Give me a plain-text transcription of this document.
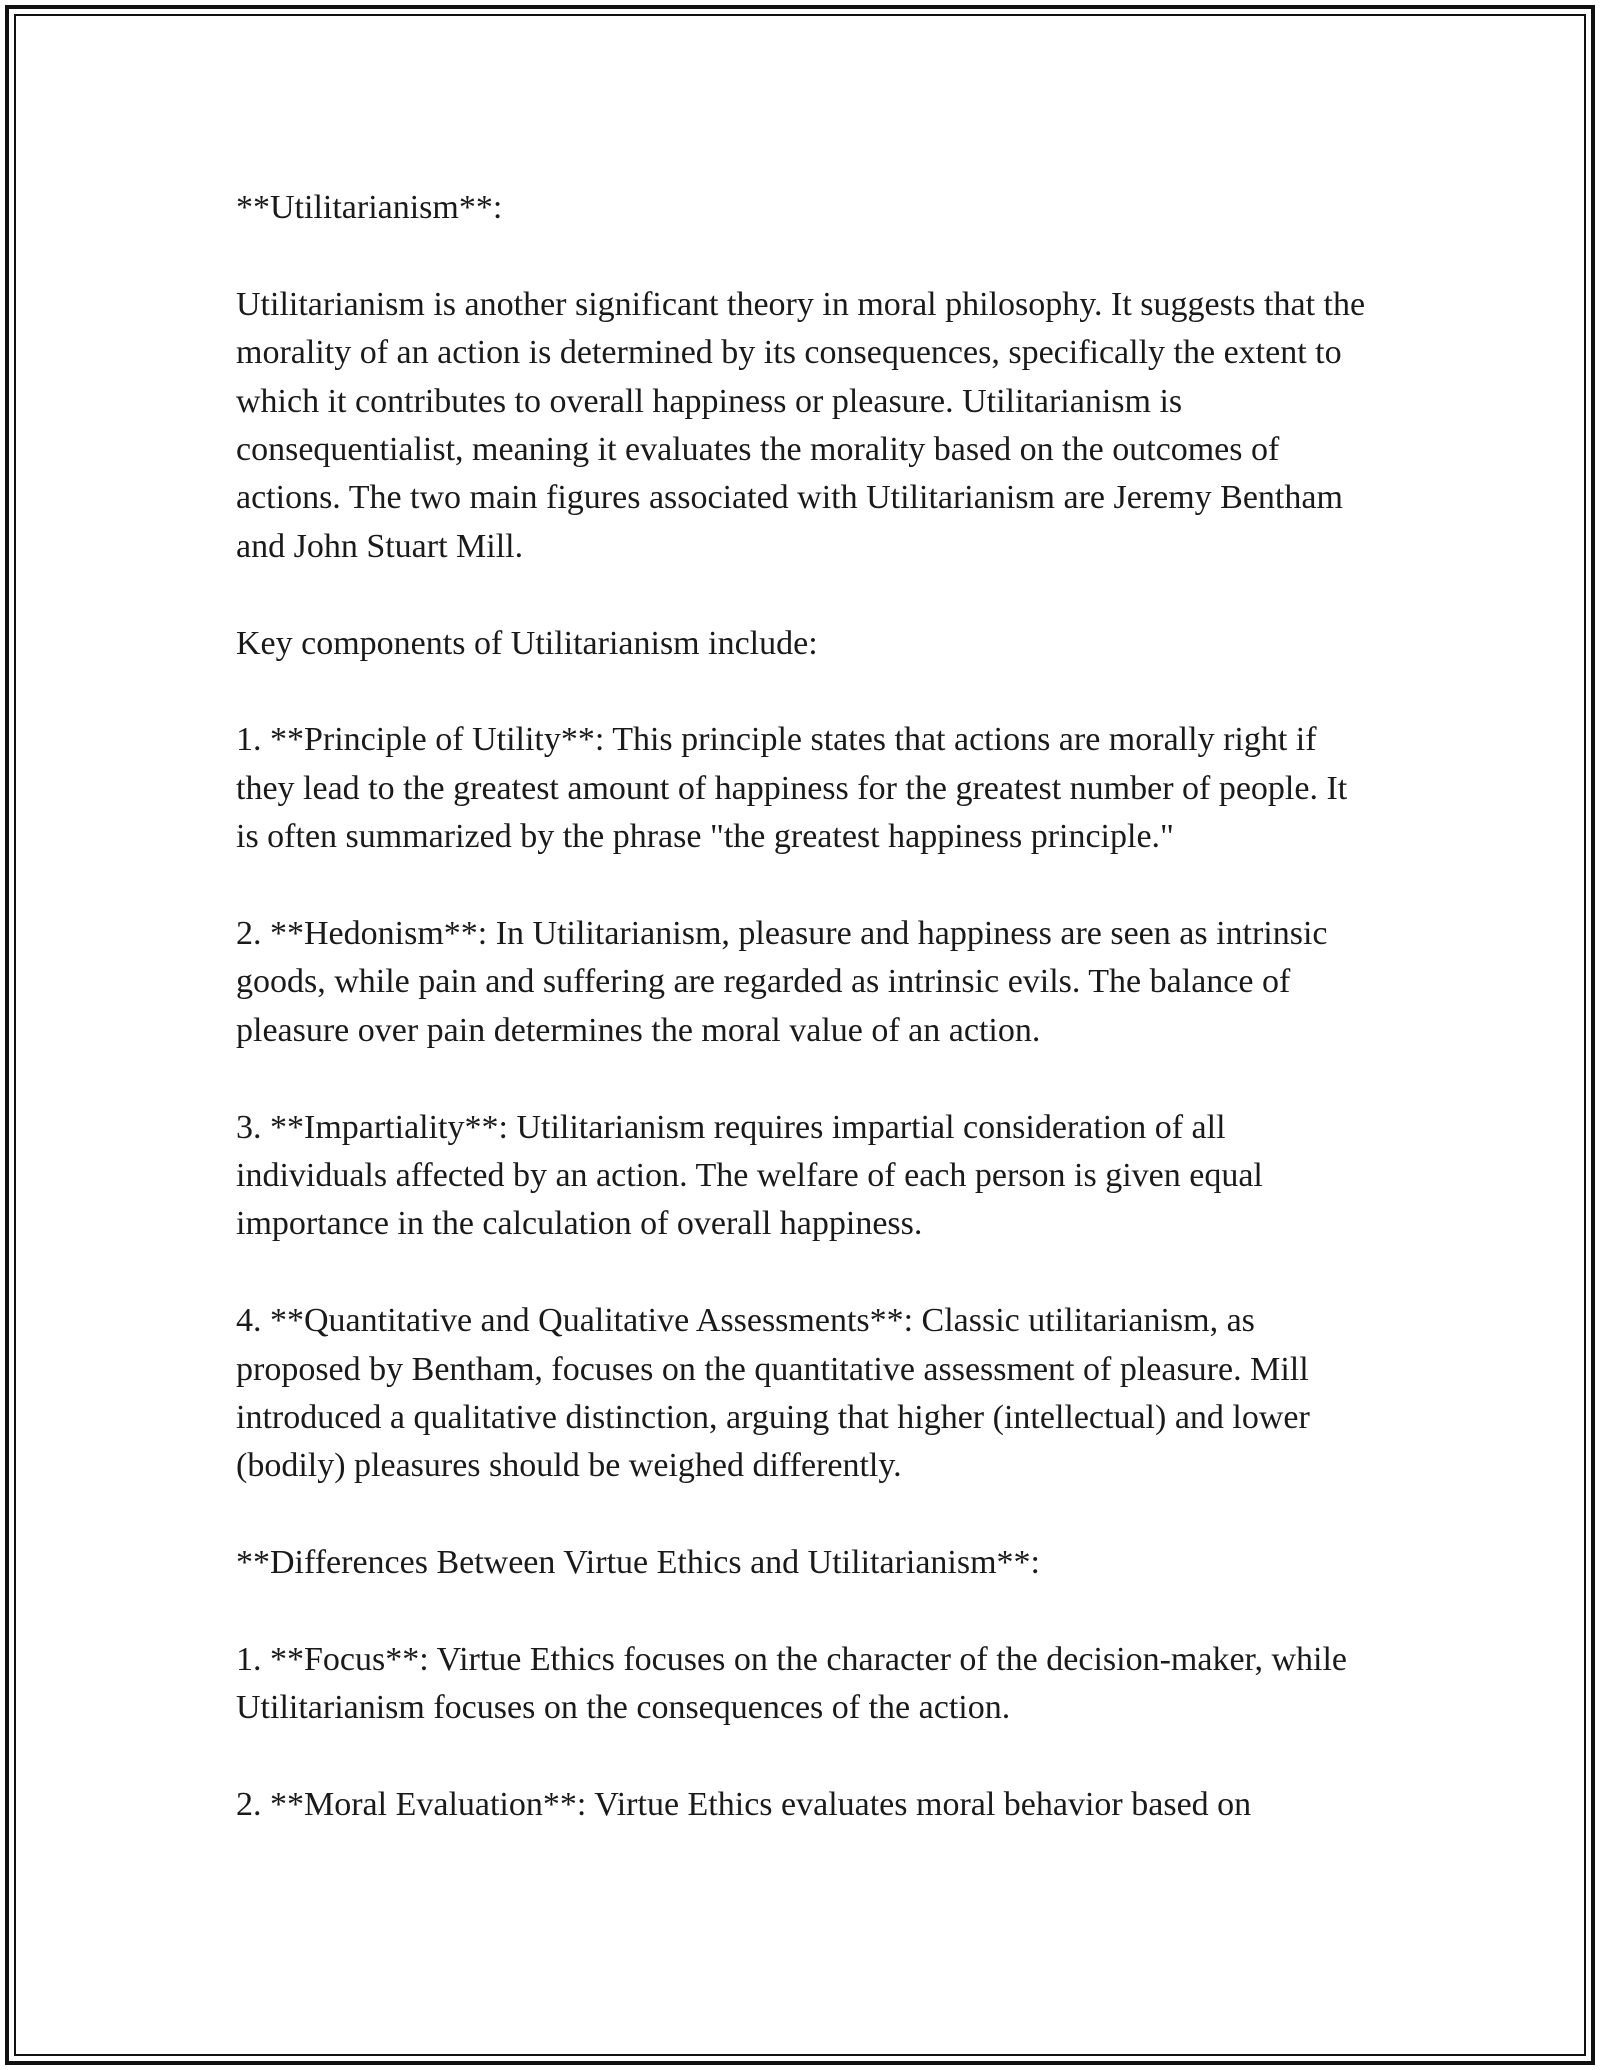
**Utilitarianism**:

Utilitarianism is another significant theory in moral philosophy. It suggests that the morality of an action is determined by its consequences, specifically the extent to which it contributes to overall happiness or pleasure. Utilitarianism is consequentialist, meaning it evaluates the morality based on the outcomes of actions. The two main figures associated with Utilitarianism are Jeremy Bentham and John Stuart Mill.

Key components of Utilitarianism include:

1. **Principle of Utility**: This principle states that actions are morally right if they lead to the greatest amount of happiness for the greatest number of people. It is often summarized by the phrase "the greatest happiness principle."

2. **Hedonism**: In Utilitarianism, pleasure and happiness are seen as intrinsic goods, while pain and suffering are regarded as intrinsic evils. The balance of pleasure over pain determines the moral value of an action.

3. **Impartiality**: Utilitarianism requires impartial consideration of all individuals affected by an action. The welfare of each person is given equal importance in the calculation of overall happiness.

4. **Quantitative and Qualitative Assessments**: Classic utilitarianism, as proposed by Bentham, focuses on the quantitative assessment of pleasure. Mill introduced a qualitative distinction, arguing that higher (intellectual) and lower (bodily) pleasures should be weighed differently.

**Differences Between Virtue Ethics and Utilitarianism**:

1. **Focus**: Virtue Ethics focuses on the character of the decision-maker, while Utilitarianism focuses on the consequences of the action.

2. **Moral Evaluation**: Virtue Ethics evaluates moral behavior based on
